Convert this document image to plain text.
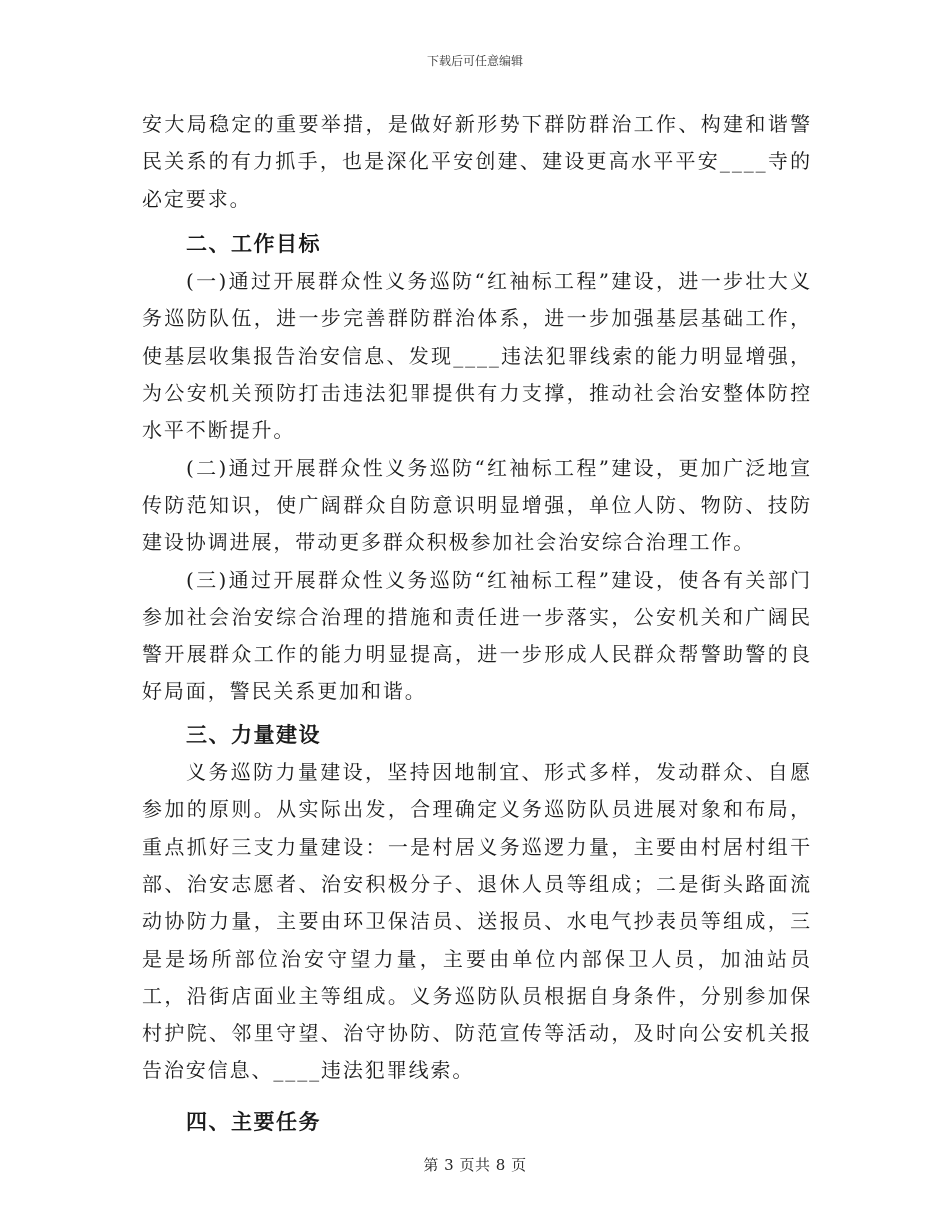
下载后可任意编辑

安大局稳定的重要举措，是做好新形势下群防群治工作、构建和谐警民关系的有力抓手，也是深化平安创建、建设更高水平平安____寺的必定要求。

二、工作目标

(一)通过开展群众性义务巡防“红袖标工程”建设，进一步壮大义务巡防队伍，进一步完善群防群治体系，进一步加强基层基础工作，使基层收集报告治安信息、发现____违法犯罪线索的能力明显增强，为公安机关预防打击违法犯罪提供有力支撑，推动社会治安整体防控水平不断提升。

(二)通过开展群众性义务巡防“红袖标工程”建设，更加广泛地宣传防范知识，使广阔群众自防意识明显增强，单位人防、物防、技防建设协调进展，带动更多群众积极参加社会治安综合治理工作。

(三)通过开展群众性义务巡防“红袖标工程”建设，使各有关部门参加社会治安综合治理的措施和责任进一步落实，公安机关和广阔民警开展群众工作的能力明显提高，进一步形成人民群众帮警助警的良好局面，警民关系更加和谐。

三、力量建设

义务巡防力量建设，坚持因地制宜、形式多样，发动群众、自愿参加的原则。从实际出发，合理确定义务巡防队员进展对象和布局，重点抓好三支力量建设：一是村居义务巡逻力量，主要由村居村组干部、治安志愿者、治安积极分子、退休人员等组成；二是街头路面流动协防力量，主要由环卫保洁员、送报员、水电气抄表员等组成，三是是场所部位治安守望力量，主要由单位内部保卫人员，加油站员工，沿街店面业主等组成。义务巡防队员根据自身条件，分别参加保村护院、邻里守望、治守协防、防范宣传等活动，及时向公安机关报告治安信息、____违法犯罪线索。

四、主要任务
第 3 页共 8 页
